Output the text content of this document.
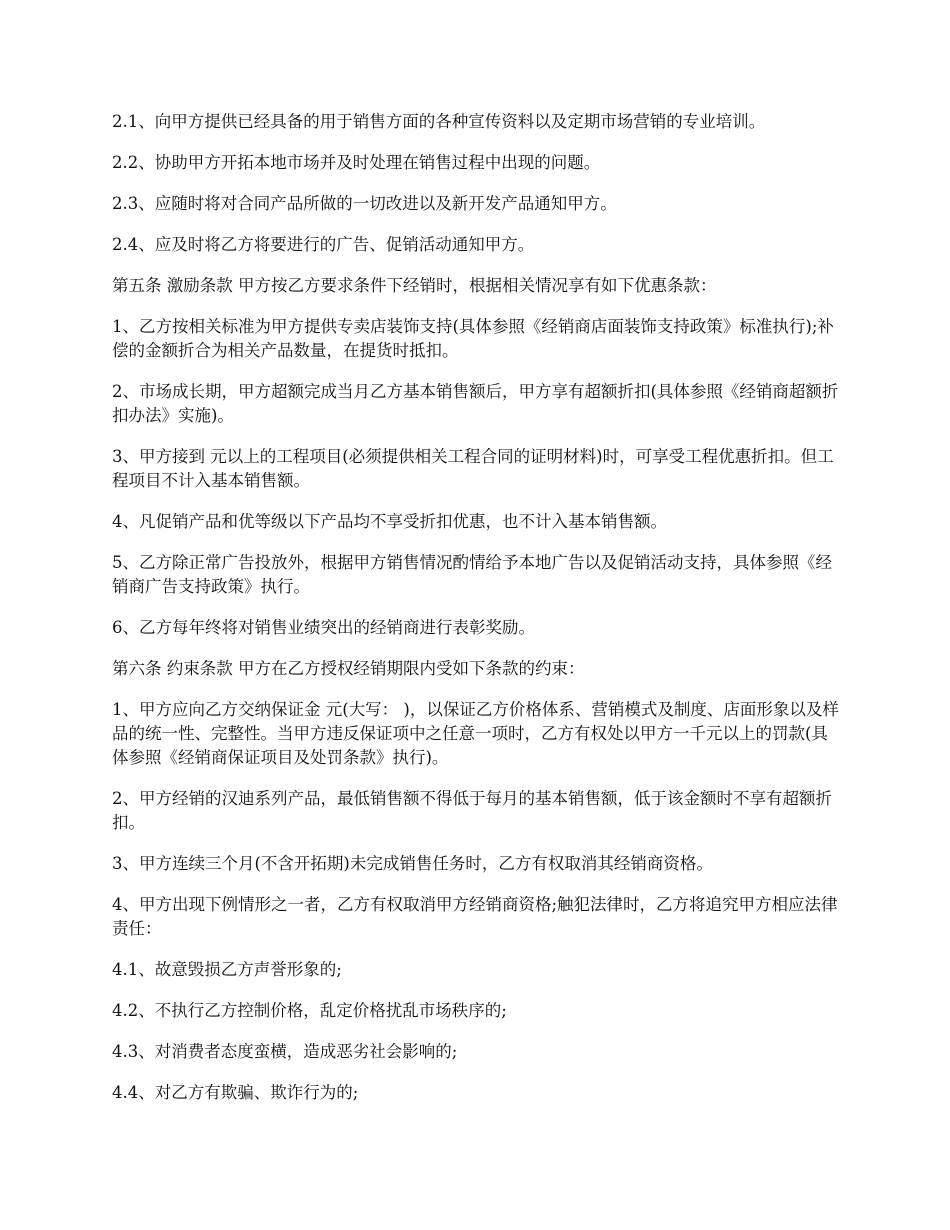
2.1、向甲方提供已经具备的用于销售方面的各种宣传资料以及定期市场营销的专业培训。

2.2、协助甲方开拓本地市场并及时处理在销售过程中出现的问题。

2.3、应随时将对合同产品所做的一切改进以及新开发产品通知甲方。

2.4、应及时将乙方将要进行的广告、促销活动通知甲方。

第五条 激励条款 甲方按乙方要求条件下经销时，根据相关情况享有如下优惠条款：

1、乙方按相关标准为甲方提供专卖店装饰支持(具体参照《经销商店面装饰支持政策》标准执行);补偿的金额折合为相关产品数量，在提货时抵扣。

2、市场成长期，甲方超额完成当月乙方基本销售额后，甲方享有超额折扣(具体参照《经销商超额折扣办法》实施)。

3、甲方接到 元以上的工程项目(必须提供相关工程合同的证明材料)时，可享受工程优惠折扣。但工程项目不计入基本销售额。

4、凡促销产品和优等级以下产品均不享受折扣优惠，也不计入基本销售额。

5、乙方除正常广告投放外，根据甲方销售情况酌情给予本地广告以及促销活动支持，具体参照《经销商广告支持政策》执行。

6、乙方每年终将对销售业绩突出的经销商进行表彰奖励。

第六条 约束条款 甲方在乙方授权经销期限内受如下条款的约束：

1、甲方应向乙方交纳保证金 元(大写： )，以保证乙方价格体系、营销模式及制度、店面形象以及样品的统一性、完整性。当甲方违反保证项中之任意一项时，乙方有权处以甲方一千元以上的罚款(具体参照《经销商保证项目及处罚条款》执行)。

2、甲方经销的汉迪系列产品，最低销售额不得低于每月的基本销售额，低于该金额时不享有超额折扣。

3、甲方连续三个月(不含开拓期)未完成销售任务时，乙方有权取消其经销商资格。

4、甲方出现下例情形之一者，乙方有权取消甲方经销商资格;触犯法律时，乙方将追究甲方相应法律责任：

4.1、故意毁损乙方声誉形象的;

4.2、不执行乙方控制价格，乱定价格扰乱市场秩序的;

4.3、对消费者态度蛮横，造成恶劣社会影响的;

4.4、对乙方有欺骗、欺诈行为的;
